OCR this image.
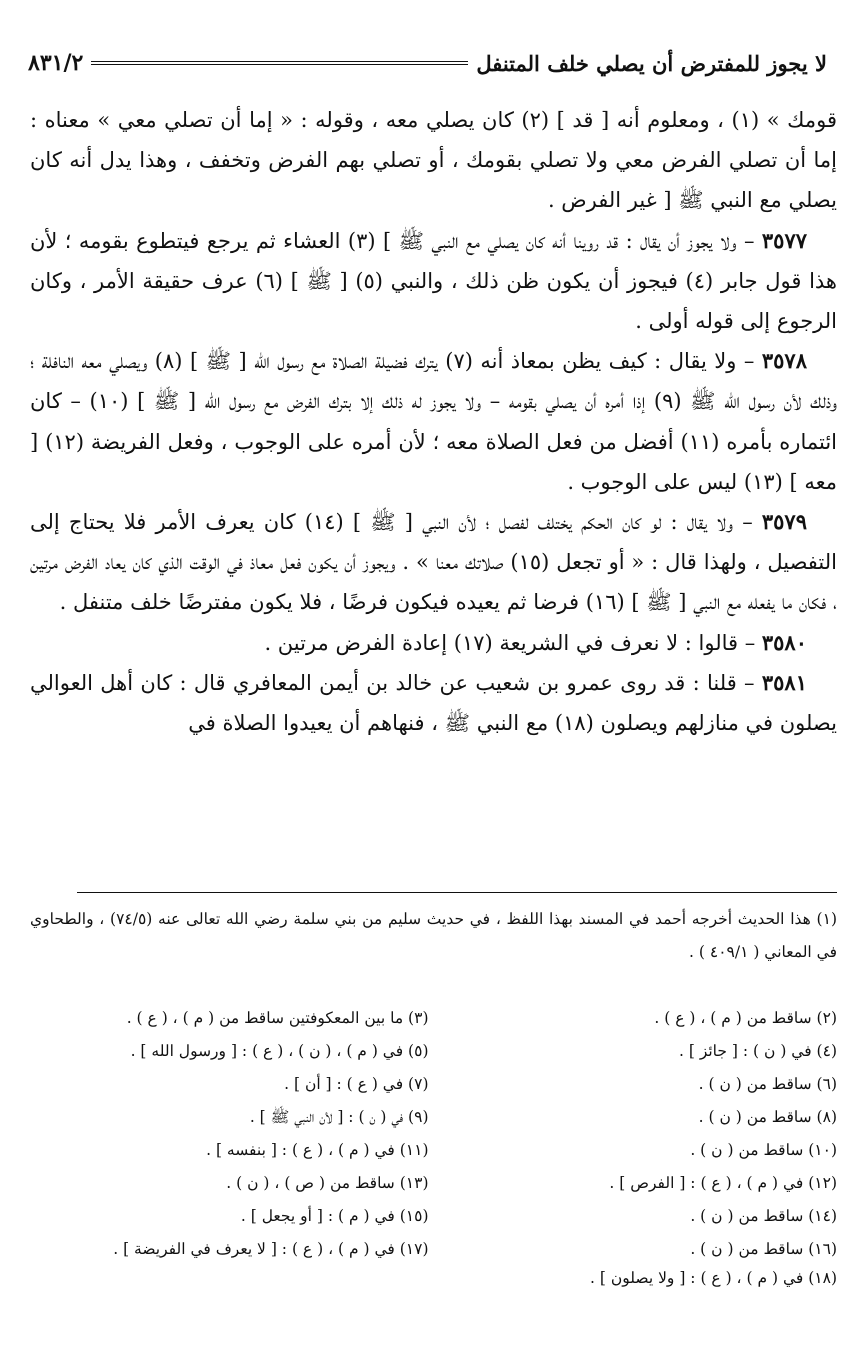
لا يجوز للمفترض أن يصلي خلف المتنفل
٨٣١/٢

قومك » (١) ، ومعلوم أنه [ قد ] (٢) كان يصلي معه ، وقوله : « إما أن تصلي معي » معناه : إما أن تصلي الفرض معي ولا تصلي بقومك ، أو تصلي بهم الفرض وتخفف ، وهذا يدل أنه كان يصلي مع النبي ﷺ [ غير الفرض .

٣٥٧٧ – ولا يجوز أن يقال : قد روينا أنه كان يصلي مع النبي ﷺ ] (٣) العشاء ثم يرجع فيتطوع بقومه ؛ لأن هذا قول جابر (٤) فيجوز أن يكون ظن ذلك ، والنبي (٥) [ ﷺ ] (٦) عرف حقيقة الأمر ، وكان الرجوع إلى قوله أولى .

٣٥٧٨ – ولا يقال : كيف يظن بمعاذ أنه (٧) يترك فضيلة الصلاة مع رسول الله [ ﷺ ] (٨) ويصلي معه النافلة ؛ وذلك لأن رسول الله ﷺ (٩) إذا أمره أن يصلي بقومه – ولا يجوز له ذلك إلا بترك الفرض مع رسول الله [ ﷺ ] (١٠) – كان ائتماره بأمره (١١) أفضل من فعل الصلاة معه ؛ لأن أمره على الوجوب ، وفعل الفريضة (١٢) [ معه ] (١٣) ليس على الوجوب .

٣٥٧٩ – ولا يقال : لو كان الحكم يختلف لفصل ؛ لأن النبي [ ﷺ ] (١٤) كان يعرف الأمر فلا يحتاج إلى التفصيل ، ولهذا قال : « أو تجعل (١٥) صلاتك معنا » . ويجوز أن يكون فعل معاذ في الوقت الذي كان يعاد الفرض مرتين ، فكان ما يفعله مع النبي [ ﷺ ] (١٦) فرضا ثم يعيده فيكون فرضًا ، فلا يكون مفترضًا خلف متنفل .

٣٥٨٠ – قالوا : لا نعرف في الشريعة (١٧) إعادة الفرض مرتين .

٣٥٨١ – قلنا : قد روى عمرو بن شعيب عن خالد بن أيمن المعافري قال : كان أهل العوالي يصلون في منازلهم ويصلون (١٨) مع النبي ﷺ ، فنهاهم أن يعيدوا الصلاة في

(١) هذا الحديث أخرجه أحمد في المسند بهذا اللفظ ، في حديث سليم من بني سلمة رضي الله تعالى عنه (٧٤/٥) ، والطحاوي في المعاني ( ٤٠٩/١ ) .
(٢) ساقط من ( م ) ، ( ع ) .
(٣) ما بين المعكوفتين ساقط من ( م ) ، ( ع ) .
(٤) في ( ن ) : [ جائز ] .
(٥) في ( م ) ، ( ن ) ، ( ع ) : [ ورسول الله ] .
(٦) ساقط من ( ن ) .
(٧) في ( ع ) : [ أن ] .
(٨) ساقط من ( ن ) .
(٩) في ( ن ) : [ لأن النبي ﷺ ] .
(١٠) ساقط من ( ن ) .
(١١) في ( م ) ، ( ع ) : [ بنفسه ] .
(١٢) في ( م ) ، ( ع ) : [ الفرص ] .
(١٣) ساقط من ( ص ) ، ( ن ) .
(١٤) ساقط من ( ن ) .
(١٥) في ( م ) : [ أو يجعل ] .
(١٦) ساقط من ( ن ) .
(١٧) في ( م ) ، ( ع ) : [ لا يعرف في الفريضة ] .
(١٨) في ( م ) ، ( ع ) : [ ولا يصلون ] .
